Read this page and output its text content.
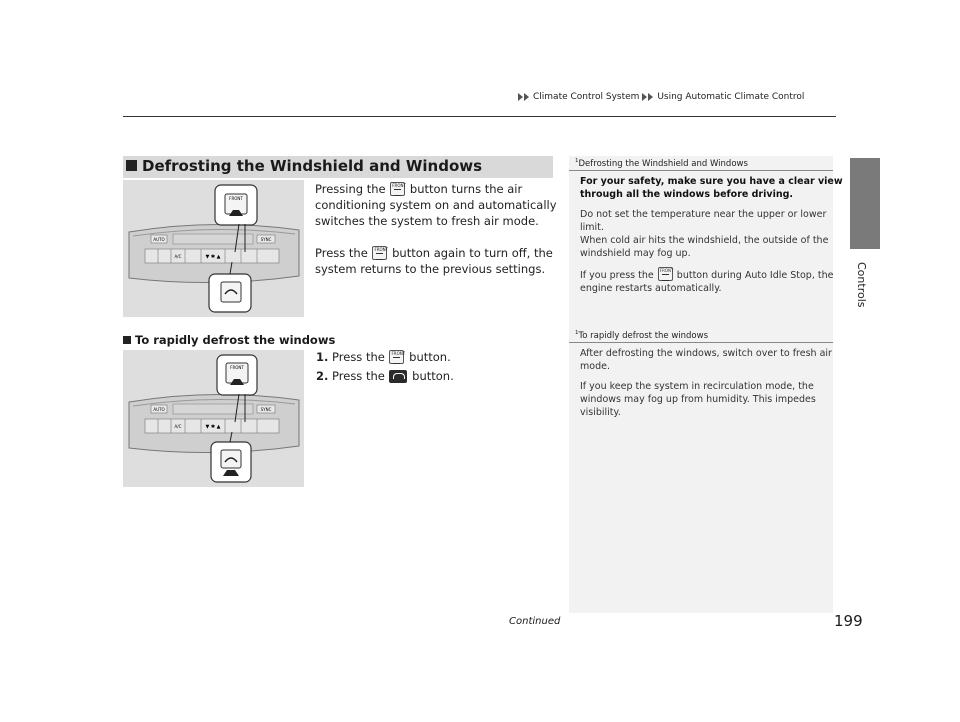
Climate Control System Using Automatic Climate Control
Controls
Defrosting the Windshield and Windows
AUTO	SYNC
A/C	▼ ✱ ▲
FRONT
Pressing the FRONT button turns the air
conditioning system on and automatically
switches the system to fresh air mode.
Press the FRONT button again to turn off, the
system returns to the previous settings.
To rapidly defrost the windows
AUTO	SYNC
A/C	▼ ✱ ▲
FRONT
1. Press the FRONT button.
2. Press the button.
$^1$Defrosting the Windshield and Windows
For your safety, make sure you have a clear view
through all the windows before driving.
Do not set the temperature near the upper or lower
limit.
When cold air hits the windshield, the outside of the
windshield may fog up.
If you press the FRONT button during Auto Idle Stop, the
engine restarts automatically.
$^1$To rapidly defrost the windows
After defrosting the windows, switch over to fresh air
mode.
If you keep the system in recirculation mode, the
windows may fog up from humidity. This impedes
visibility.
Continued	199
